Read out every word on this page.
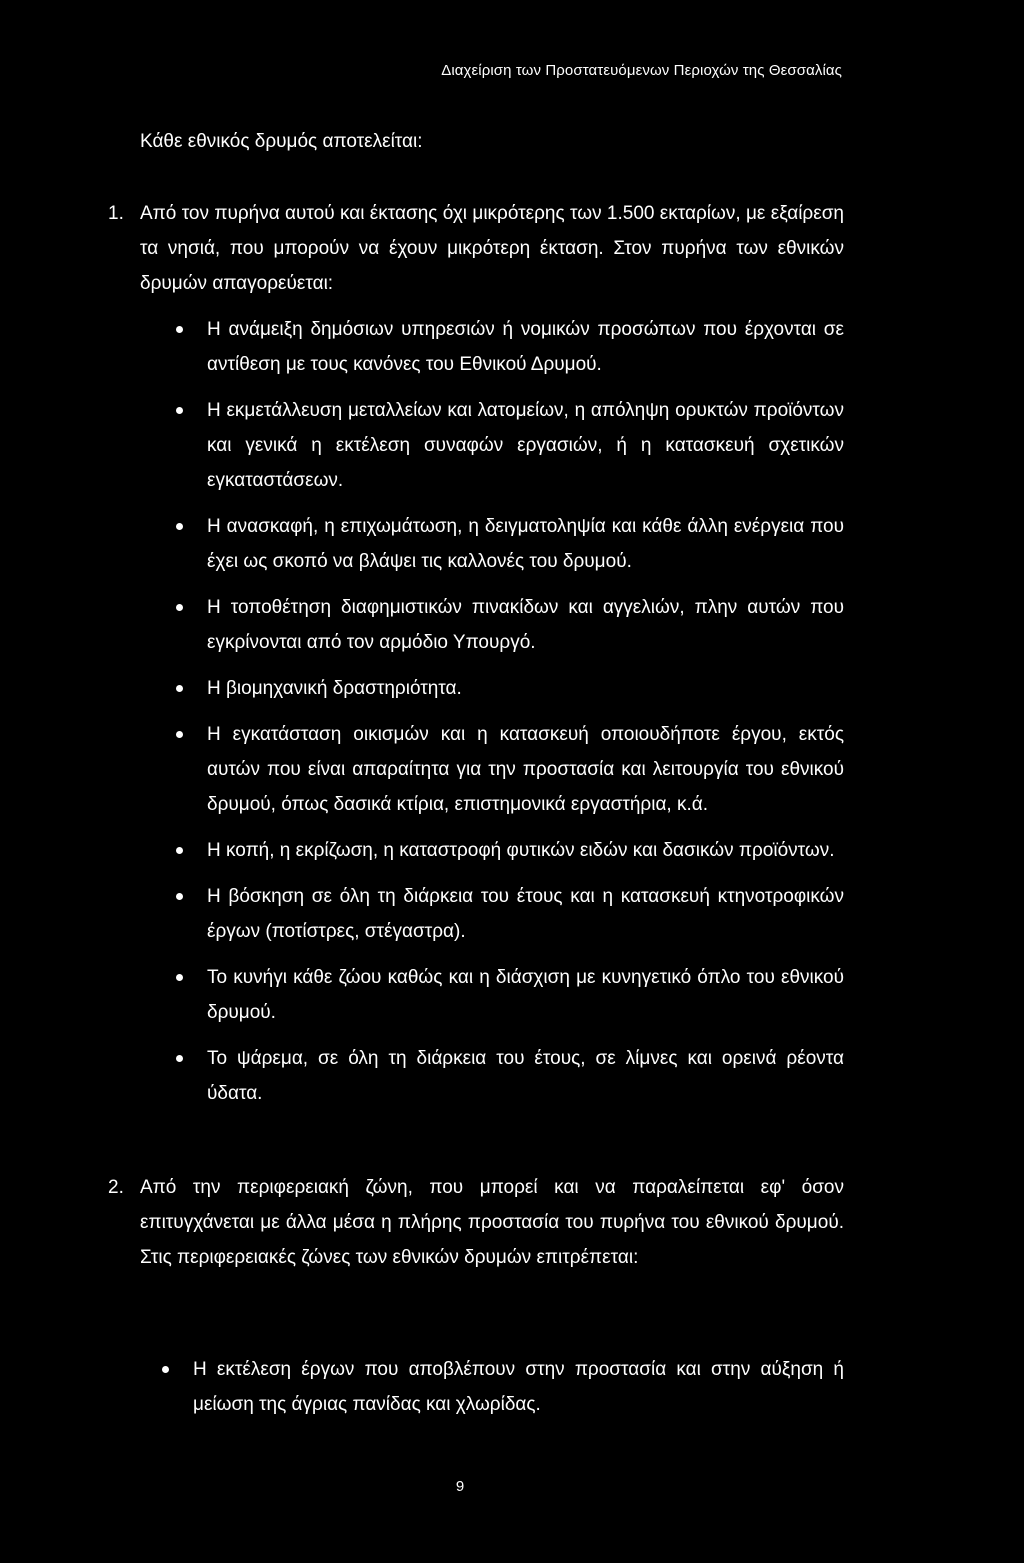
Διαχείριση των Προστατευόμενων Περιοχών της Θεσσαλίας
Κάθε εθνικός δρυμός αποτελείται:
1. Από τον πυρήνα αυτού και έκτασης όχι μικρότερης των 1.500 εκταρίων, με εξαίρεση τα νησιά, που μπορούν να έχουν μικρότερη έκταση. Στον πυρήνα των εθνικών δρυμών απαγορεύεται:
Η ανάμειξη δημόσιων υπηρεσιών ή νομικών προσώπων που έρχονται σε αντίθεση με τους κανόνες του Εθνικού Δρυμού.
Η εκμετάλλευση μεταλλείων και λατομείων, η απόληψη ορυκτών προϊόντων και γενικά η εκτέλεση συναφών εργασιών, ή η κατασκευή σχετικών εγκαταστάσεων.
Η ανασκαφή, η επιχωμάτωση, η δειγματοληψία και κάθε άλλη ενέργεια που έχει ως σκοπό να βλάψει τις καλλονές του δρυμού.
Η τοποθέτηση διαφημιστικών πινακίδων και αγγελιών, πλην αυτών που εγκρίνονται από τον αρμόδιο Υπουργό.
Η βιομηχανική δραστηριότητα.
Η εγκατάσταση οικισμών και η κατασκευή οποιουδήποτε έργου, εκτός αυτών που είναι απαραίτητα για την προστασία και λειτουργία του εθνικού δρυμού, όπως δασικά κτίρια, επιστημονικά εργαστήρια, κ.ά.
Η κοπή, η εκρίζωση, η καταστροφή φυτικών ειδών και δασικών προϊόντων.
Η βόσκηση σε όλη τη διάρκεια του έτους και η κατασκευή κτηνοτροφικών έργων (ποτίστρες, στέγαστρα).
Το κυνήγι κάθε ζώου καθώς και η διάσχιση με κυνηγετικό όπλο του εθνικού δρυμού.
Το ψάρεμα, σε όλη τη διάρκεια του έτους, σε λίμνες και ορεινά ρέοντα ύδατα.
2. Από την περιφερειακή ζώνη, που μπορεί και να παραλείπεται εφ' όσον επιτυγχάνεται με άλλα μέσα η πλήρης προστασία του πυρήνα του εθνικού δρυμού. Στις περιφερειακές ζώνες των εθνικών δρυμών επιτρέπεται:
Η εκτέλεση έργων που αποβλέπουν στην προστασία και στην αύξηση ή μείωση της άγριας πανίδας και χλωρίδας.
9
